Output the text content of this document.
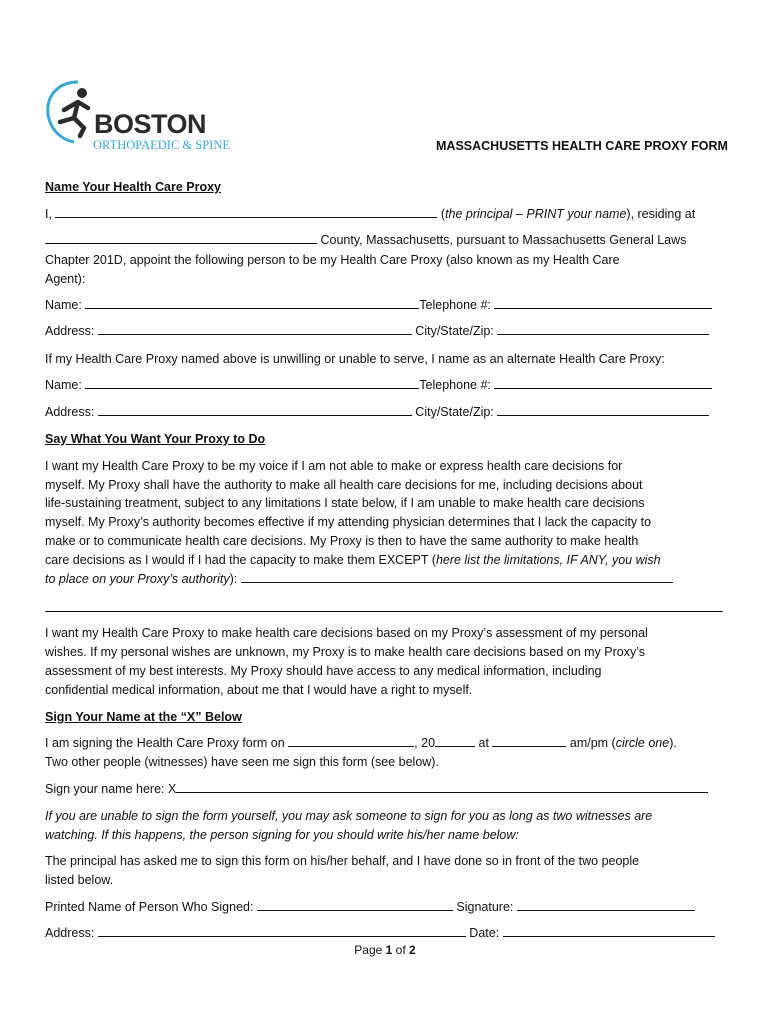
BOSTON
ORTHOPAEDIC & SPINE	MASSACHUSETTS HEALTH CARE PROXY FORM
Name Your Health Care Proxy
I,	(the principal – PRINT your name), residing at
County, Massachusetts, pursuant to Massachusetts General Laws
Chapter 201D, appoint the following person to be my Health Care Proxy (also known as my Health Care
Agent):
Name:	Telephone #:
Address:	City/State/Zip:
If my Health Care Proxy named above is unwilling or unable to serve, I name as an alternate Health Care Proxy:
Name:	Telephone #:
Address:	City/State/Zip:
Say What You Want Your Proxy to Do
I want my Health Care Proxy to be my voice if I am not able to make or express health care decisions for
myself. My Proxy shall have the authority to make all health care decisions for me, including decisions about
life-sustaining treatment, subject to any limitations I state below, if I am unable to make health care decisions
myself. My Proxy’s authority becomes effective if my attending physician determines that I lack the capacity to
make or to communicate health care decisions. My Proxy is then to have the same authority to make health
care decisions as I would if I had the capacity to make them EXCEPT (here list the limitations, IF ANY, you wish
to place on your Proxy’s authority):
I want my Health Care Proxy to make health care decisions based on my Proxy’s assessment of my personal
wishes. If my personal wishes are unknown, my Proxy is to make health care decisions based on my Proxy’s
assessment of my best interests. My Proxy should have access to any medical information, including
confidential medical information, about me that I would have a right to myself.
Sign Your Name at the “X” Below
I am signing the Health Care Proxy form on	, 20	at	am/pm (circle one).
Two other people (witnesses) have seen me sign this form (see below).
Sign your name here: X
If you are unable to sign the form yourself, you may ask someone to sign for you as long as two witnesses are
watching. If this happens, the person signing for you should write his/her name below:
The principal has asked me to sign this form on his/her behalf, and I have done so in front of the two people
listed below.
Printed Name of Person Who Signed:	Signature:
Address:	Date:
Page 1 of 2
